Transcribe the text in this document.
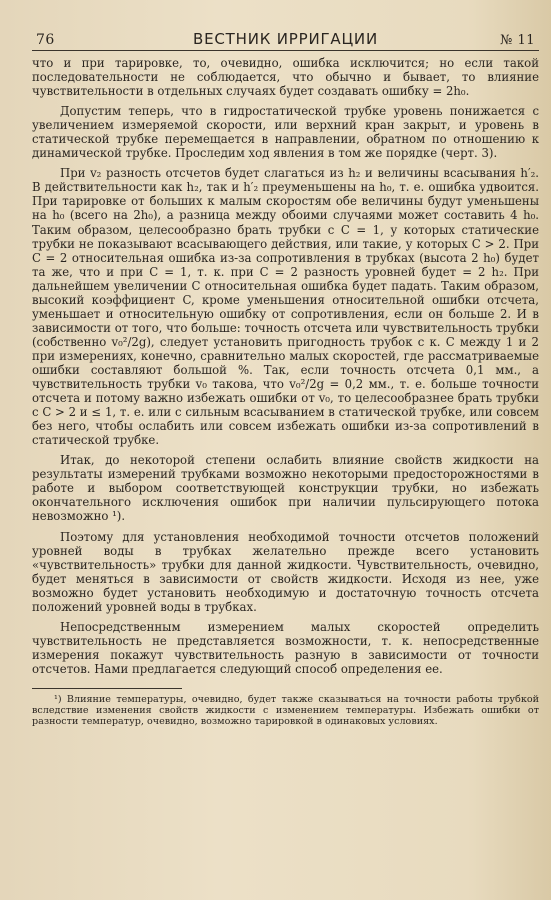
76	ВЕСТНИК ИРРИГАЦИИ	№ 11

что и при тарировке, то, очевидно, ошибка исключится; но если такой последовательности не соблюдается, что обычно и бывает, то влияние чувствительности в отдельных случаях будет создавать ошибку = 2h₀.

Допустим теперь, что в гидростатической трубке уровень понижается с увеличением измеряемой скорости, или верхний кран закрыт, и уровень в статической трубке перемещается в направлении, обратном по отношению к динамической трубке. Проследим ход явления в том же порядке (черт. 3).

При v₂ разность отсчетов будет слагаться из h₂ и величины всасывания h′₂. В действительности как h₂, так и h′₂ преуменьшены на h₀, т. е. ошибка удвоится. При тарировке от больших к малым скоростям обе величины будут уменьшены на h₀ (всего на 2h₀), а разница между обоими случаями может составить 4 h₀. Таким образом, целесообразно брать трубки с C = 1, у которых статические трубки не показывают всасывающего действия, или такие, у которых C > 2. При C = 2 относительная ошибка из-за сопротивления в трубках (высота 2 h₀) будет та же, что и при C = 1, т. к. при C = 2 разность уровней будет = 2 h₂. При дальнейшем увеличении C относительная ошибка будет падать. Таким образом, высокий коэффициент C, кроме уменьшения относительной ошибки отсчета, уменьшает и относительную ошибку от сопротивления, если он больше 2. И в зависимости от того, что больше: точность отсчета или чувствительность трубки (собственно v₀²/2g), следует установить пригодность трубок с к. C между 1 и 2 при измерениях, конечно, сравнительно малых скоростей, где рассматриваемые ошибки составляют большой %. Так, если точность отсчета 0,1 мм., а чувствительность трубки v₀ такова, что v₀²/2g = 0,2 мм., т. е. больше точности отсчета и потому важно избежать ошибки от v₀, то целесообразнее брать трубки с C > 2 и ≤ 1, т. е. или с сильным всасыванием в статической трубке, или совсем без него, чтобы ослабить или совсем избежать ошибки из-за сопротивлений в статической трубке.

Итак, до некоторой степени ослабить влияние свойств жидкости на результаты измерений трубками возможно некоторыми предосторожностями в работе и выбором соответствующей конструкции трубки, но избежать окончательного исключения ошибок при наличии пульсирующего потока невозможно ¹).

Поэтому для установления необходимой точности отсчетов положений уровней воды в трубках желательно прежде всего установить «чувствительность» трубки для данной жидкости. Чувствительность, очевидно, будет меняться в зависимости от свойств жидкости. Исходя из нее, уже возможно будет установить необходимую и достаточную точность отсчета положений уровней воды в трубках.

Непосредственным измерением малых скоростей определить чувствительность не представляется возможности, т. к. непосредственные измерения покажут чувствительность разную в зависимости от точности отсчетов. Нами предлагается следующий способ определения ее.

¹) Влияние температуры, очевидно, будет также сказываться на точности работы трубкой вследствие изменения свойств жидкости с изменением температуры. Избежать ошибки от разности температур, очевидно, возможно тарировкой в одинаковых условиях.
